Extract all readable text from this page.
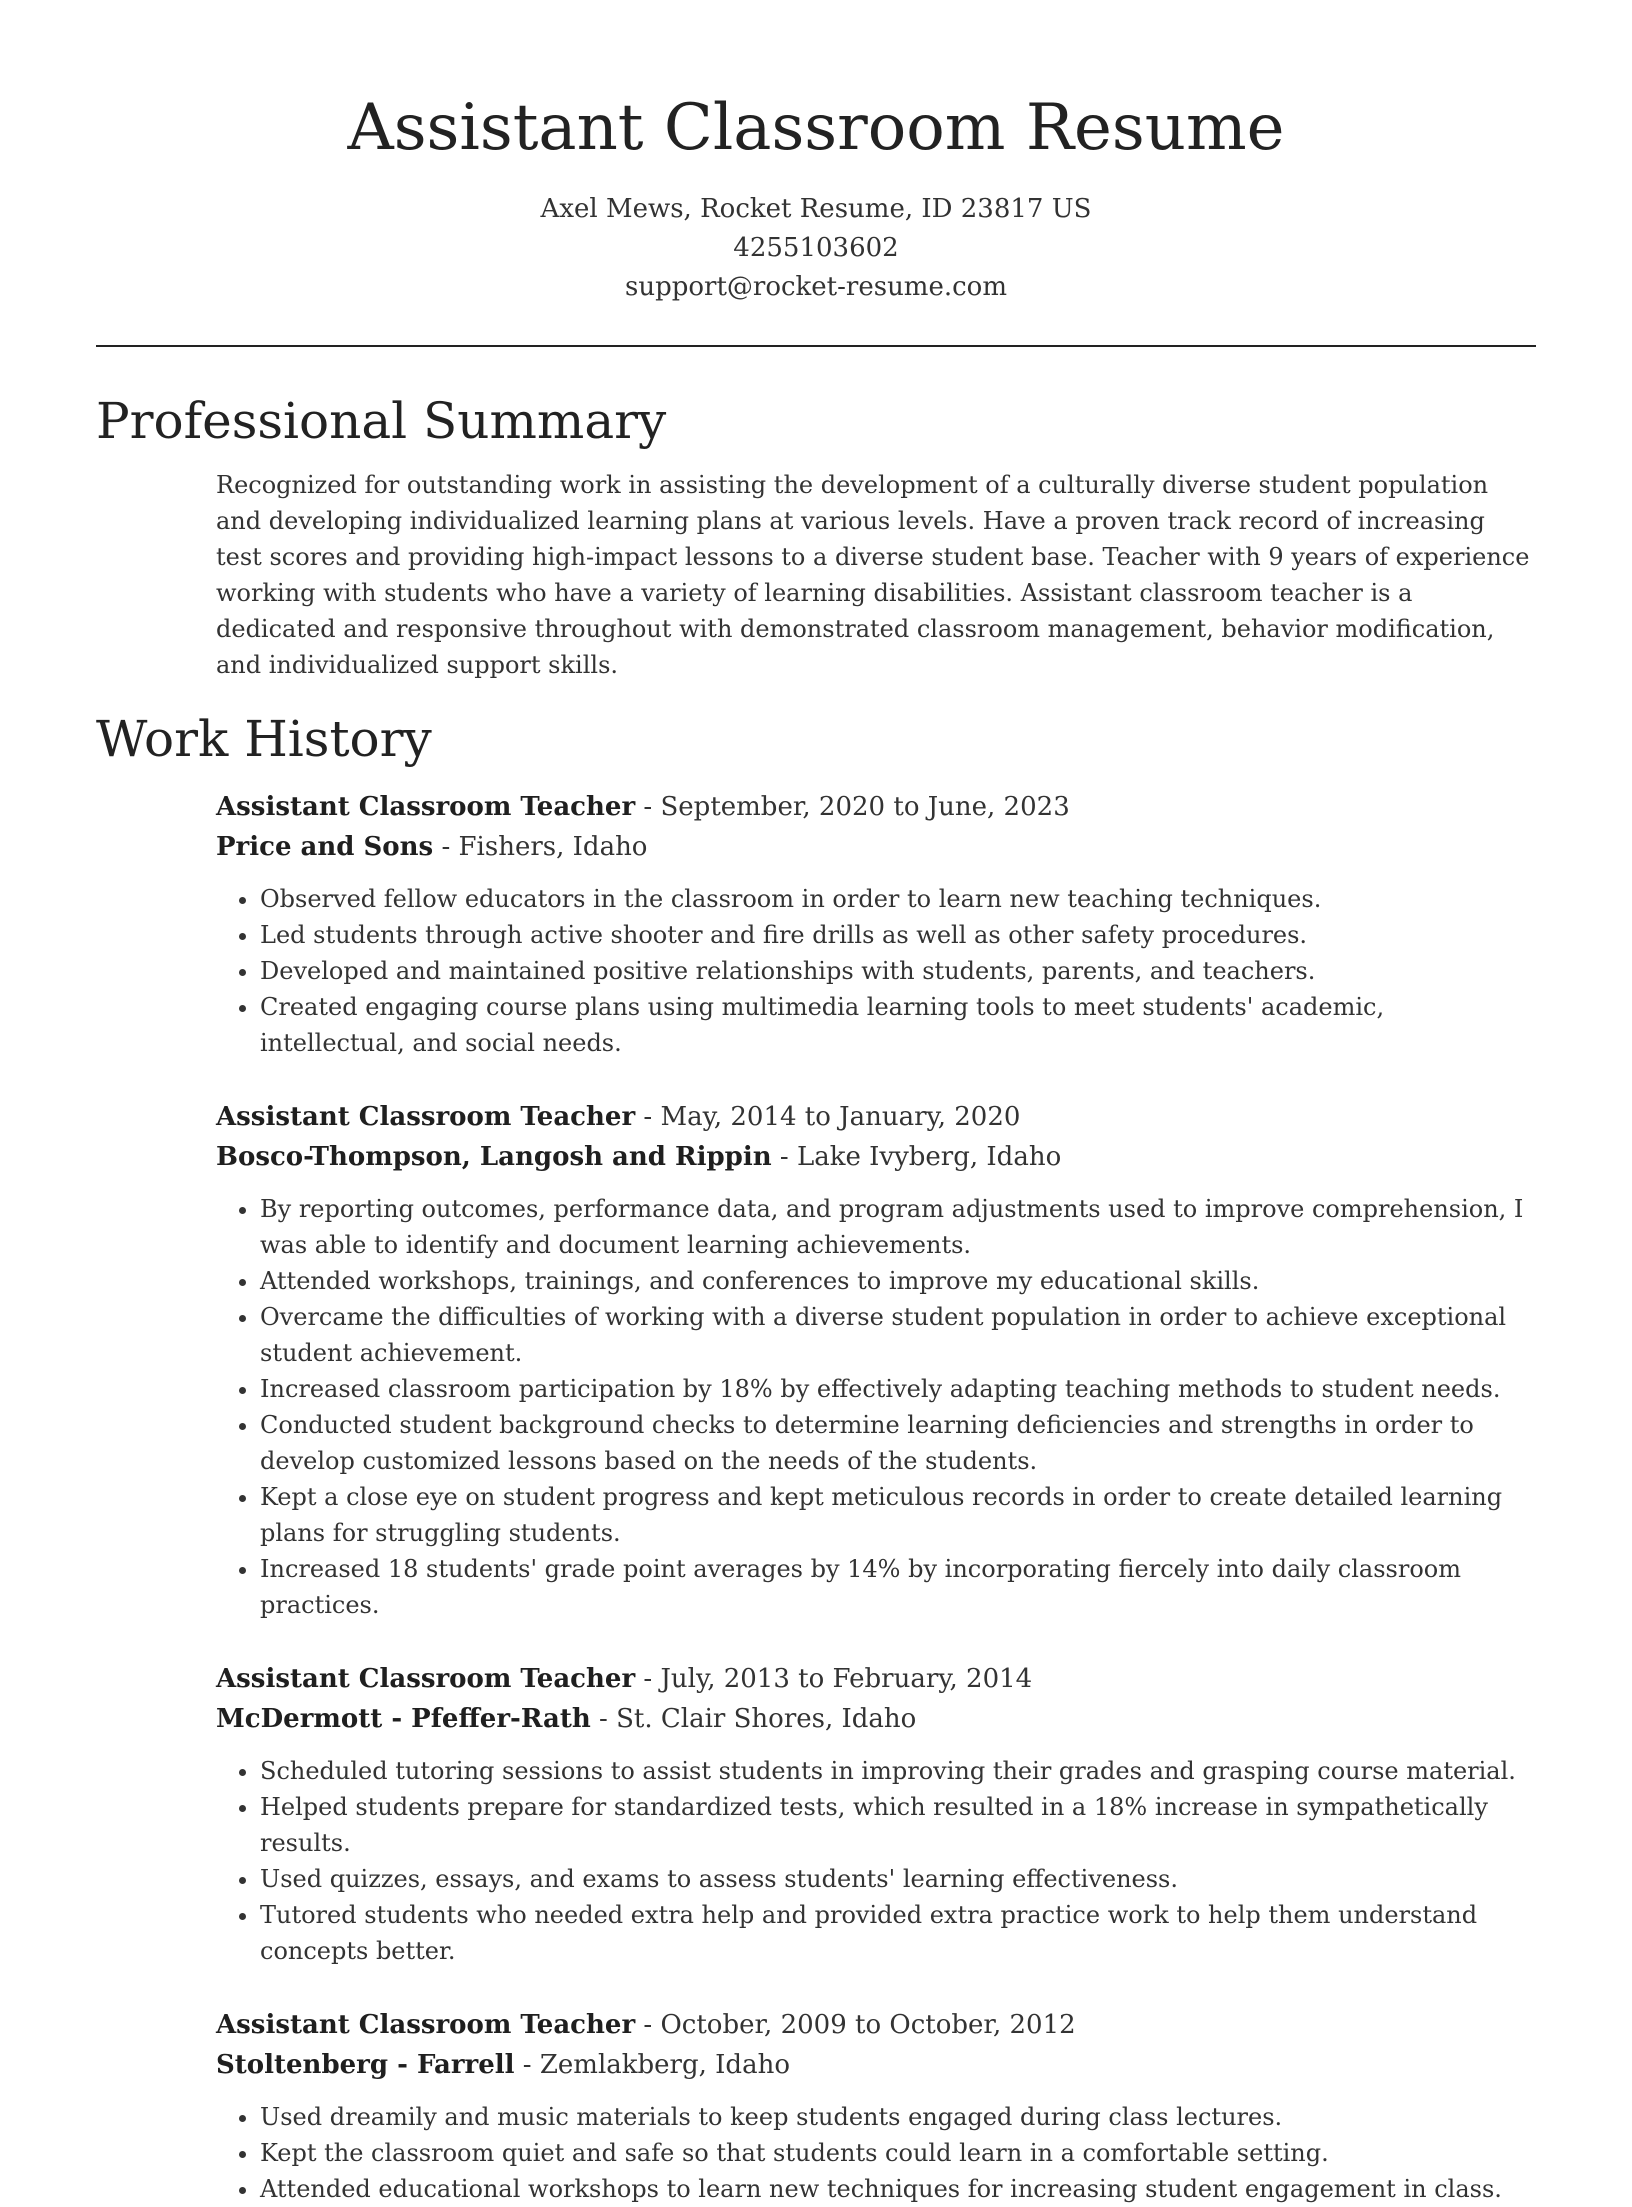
Assistant Classroom Resume
Axel Mews, Rocket Resume, ID 23817 US
4255103602
support@rocket-resume.com
Professional Summary

Recognized for outstanding work in assisting the development of a culturally diverse student population and developing individualized learning plans at various levels. Have a proven track record of increasing test scores and providing high-impact lessons to a diverse student base. Teacher with 9 years of experience working with students who have a variety of learning disabilities. Assistant classroom teacher is a dedicated and responsive throughout with demonstrated classroom management, behavior modification, and individualized support skills.

Work History
Assistant Classroom Teacher - September, 2020 to June, 2023
Price and Sons - Fishers, Idaho
• Observed fellow educators in the classroom in order to learn new teaching techniques.
• Led students through active shooter and fire drills as well as other safety procedures.
• Developed and maintained positive relationships with students, parents, and teachers.
• Created engaging course plans using multimedia learning tools to meet students' academic, intellectual, and social needs.
Assistant Classroom Teacher - May, 2014 to January, 2020
Bosco-Thompson, Langosh and Rippin - Lake Ivyberg, Idaho
• By reporting outcomes, performance data, and program adjustments used to improve comprehension, I was able to identify and document learning achievements.
• Attended workshops, trainings, and conferences to improve my educational skills.
• Overcame the difficulties of working with a diverse student population in order to achieve exceptional student achievement.
• Increased classroom participation by 18% by effectively adapting teaching methods to student needs.
• Conducted student background checks to determine learning deficiencies and strengths in order to develop customized lessons based on the needs of the students.
• Kept a close eye on student progress and kept meticulous records in order to create detailed learning plans for struggling students.
• Increased 18 students' grade point averages by 14% by incorporating fiercely into daily classroom practices.
Assistant Classroom Teacher - July, 2013 to February, 2014
McDermott - Pfeffer-Rath - St. Clair Shores, Idaho
• Scheduled tutoring sessions to assist students in improving their grades and grasping course material.
• Helped students prepare for standardized tests, which resulted in a 18% increase in sympathetically results.
• Used quizzes, essays, and exams to assess students' learning effectiveness.
• Tutored students who needed extra help and provided extra practice work to help them understand concepts better.
Assistant Classroom Teacher - October, 2009 to October, 2012
Stoltenberg - Farrell - Zemlakberg, Idaho
• Used dreamily and music materials to keep students engaged during class lectures.
• Kept the classroom quiet and safe so that students could learn in a comfortable setting.
• Attended educational workshops to learn new techniques for increasing student engagement in class.
